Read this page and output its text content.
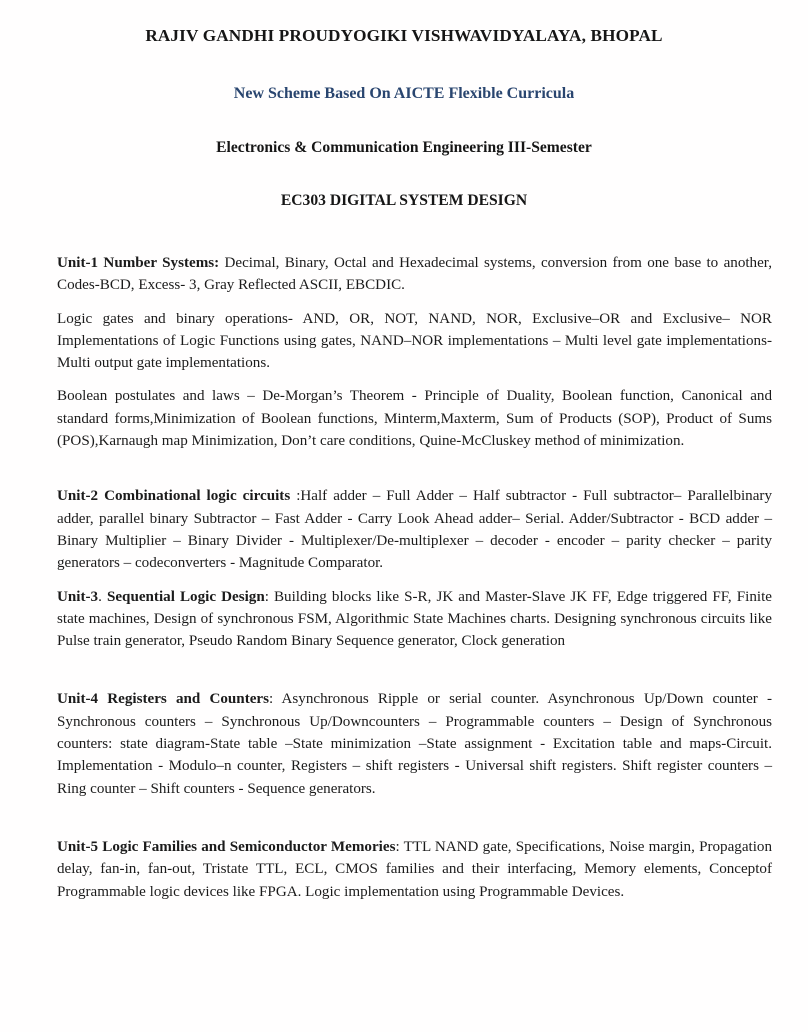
RAJIV GANDHI PROUDYOGIKI VISHWAVIDYALAYA, BHOPAL
New Scheme Based On AICTE Flexible Curricula
Electronics & Communication Engineering III-Semester
EC303 DIGITAL SYSTEM DESIGN

Unit-1 Number Systems: Decimal, Binary, Octal and Hexadecimal systems, conversion from one base to another, Codes-BCD, Excess- 3, Gray Reflected ASCII, EBCDIC.

Logic gates and binary operations- AND, OR, NOT, NAND, NOR, Exclusive–OR and Exclusive– NOR Implementations of Logic Functions using gates, NAND–NOR implementations – Multi level gate implementations- Multi output gate implementations.

Boolean postulates and laws – De-Morgan’s Theorem - Principle of Duality, Boolean function, Canonical and standard forms,Minimization of Boolean functions, Minterm,Maxterm, Sum of Products (SOP), Product of Sums (POS),Karnaugh map Minimization, Don’t care conditions, Quine-McCluskey method of minimization.

Unit-2 Combinational logic circuits :Half adder – Full Adder – Half subtractor - Full subtractor– Parallelbinary adder, parallel binary Subtractor – Fast Adder - Carry Look Ahead adder– Serial. Adder/Subtractor - BCD adder – Binary Multiplier – Binary Divider - Multiplexer/De-multiplexer – decoder - encoder – parity checker – parity generators – codeconverters - Magnitude Comparator.

Unit-3. Sequential Logic Design: Building blocks like S-R, JK and Master-Slave JK FF, Edge triggered FF, Finite state machines, Design of synchronous FSM, Algorithmic State Machines charts. Designing synchronous circuits like Pulse train generator, Pseudo Random Binary Sequence generator, Clock generation

Unit-4 Registers and Counters: Asynchronous Ripple or serial counter. Asynchronous Up/Down counter - Synchronous counters – Synchronous Up/Downcounters – Programmable counters – Design of Synchronous counters: state diagram-State table –State minimization –State assignment - Excitation table and maps-Circuit. Implementation - Modulo–n counter, Registers – shift registers - Universal shift registers. Shift register counters – Ring counter – Shift counters - Sequence generators.

Unit-5 Logic Families and Semiconductor Memories: TTL NAND gate, Specifications, Noise margin, Propagation delay, fan-in, fan-out, Tristate TTL, ECL, CMOS families and their interfacing, Memory elements, Conceptof Programmable logic devices like FPGA. Logic implementation using Programmable Devices.
